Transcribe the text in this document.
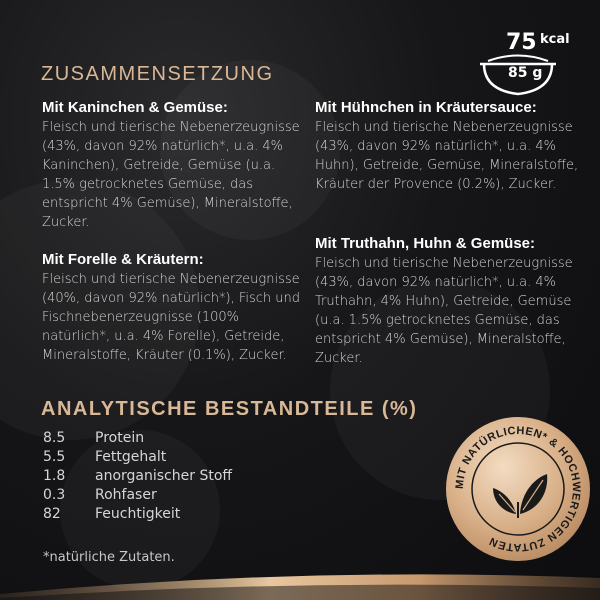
75 kcal
85 g
ZUSAMMENSETZUNG
Mit Kaninchen & Gemüse:

Fleisch und tierische Nebenerzeugnisse (43%, davon 92% natürlich*, u.a. 4% Kaninchen), Getreide, Gemüse (u.a. 1.5% getrocknetes Gemüse, das entspricht 4% Gemüse), Mineralstoffe, Zucker.

Mit Forelle & Kräutern:

Fleisch und tierische Nebenerzeugnisse (40%, davon 92% natürlich*), Fisch und Fischnebenerzeugnisse (100% natürlich*, u.a. 4% Forelle), Getreide, Mineralstoffe, Kräuter (0.1%), Zucker.

Mit Hühnchen in Kräutersauce:

Fleisch und tierische Nebenerzeugnisse (43%, davon 92% natürlich*, u.a. 4% Huhn), Getreide, Gemüse, Mineralstoffe, Kräuter der Provence (0.2%), Zucker.

Mit Truthahn, Huhn & Gemüse:

Fleisch und tierische Nebenerzeugnisse (43%, davon 92% natürlich*, u.a. 4% Truthahn, 4% Huhn), Getreide, Gemüse (u.a. 1.5% getrocknetes Gemüse, das entspricht 4% Gemüse), Mineralstoffe, Zucker.

ANALYTISCHE BESTANDTEILE (%)
8.5 Protein
5.5 Fettgehalt
1.8 anorganischer Stoff
0.3 Rohfaser
82 Feuchtigkeit
*natürliche Zutaten.
MIT NATÜRLICHEN* & HOCHWERTIGEN ZUTATEN
